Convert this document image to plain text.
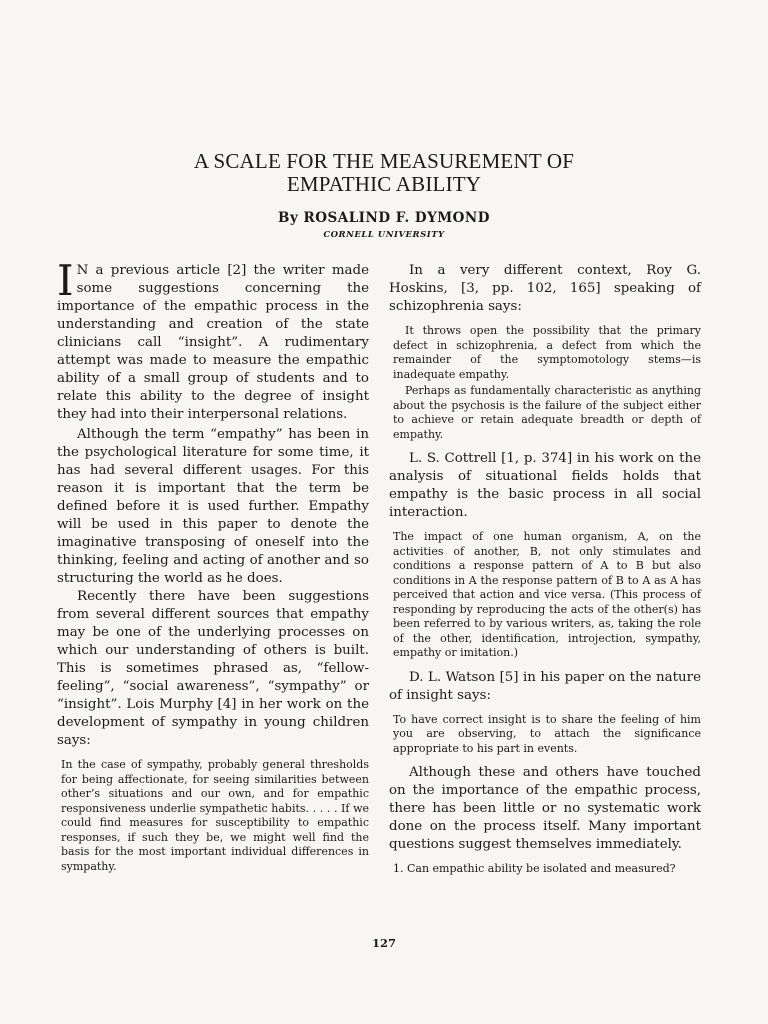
A SCALE FOR THE MEASUREMENT OF
EMPATHIC ABILITY
By ROSALIND F. DYMOND
CORNELL UNIVERSITY

I N a previous article [2] the writer made some suggestions concerning the importance of the empathic process in the understanding and creation of the state clinicians call “insight”. A rudimentary attempt was made to measure the empathic ability of a small group of students and to relate this ability to the degree of insight they had into their interpersonal relations.

Although the term “empathy” has been in the psychological literature for some time, it has had several different usages. For this reason it is important that the term be defined before it is used further. Empathy will be used in this paper to denote the imaginative transposing of oneself into the thinking, feeling and acting of another and so structuring the world as he does.

Recently there have been suggestions from several different sources that empathy may be one of the underlying processes on which our understanding of others is built. This is sometimes phrased as, “fellow-feeling”, “social awareness”, “sympathy” or “insight”. Lois Murphy [4] in her work on the development of sympathy in young children says:

In the case of sympathy, probably general thresholds for being affectionate, for seeing similarities between other’s situations and our own, and for empathic responsiveness underlie sympathetic habits. . . . . If we could find measures for susceptibility to empathic responses, if such they be, we might well find the basis for the most important individual differences in sympathy.

In a very different context, Roy G. Hoskins, [3, pp. 102, 165] speaking of schizophrenia says:

It throws open the possibility that the primary defect in schizophrenia, a defect from which the remainder of the symptomotology stems—is inadequate empathy.

Perhaps as fundamentally characteristic as anything about the psychosis is the failure of the subject either to achieve or retain adequate breadth or depth of empathy.

L. S. Cottrell [1, p. 374] in his work on the analysis of situational fields holds that empathy is the basic process in all social interaction.

The impact of one human organism, A, on the activities of another, B, not only stimulates and conditions a response pattern of A to B but also conditions in A the response pattern of B to A as A has perceived that action and vice versa. (This process of responding by reproducing the acts of the other(s) has been referred to by various writers, as, taking the role of the other, identification, introjection, sympathy, empathy or imitation.)

D. L. Watson [5] in his paper on the nature of insight says:

To have correct insight is to share the feeling of him you are observing, to attach the significance appropriate to his part in events.

Although these and others have touched on the importance of the empathic process, there has been little or no systematic work done on the process itself. Many important questions suggest themselves immediately.

1. Can empathic ability be isolated and measured?

127
